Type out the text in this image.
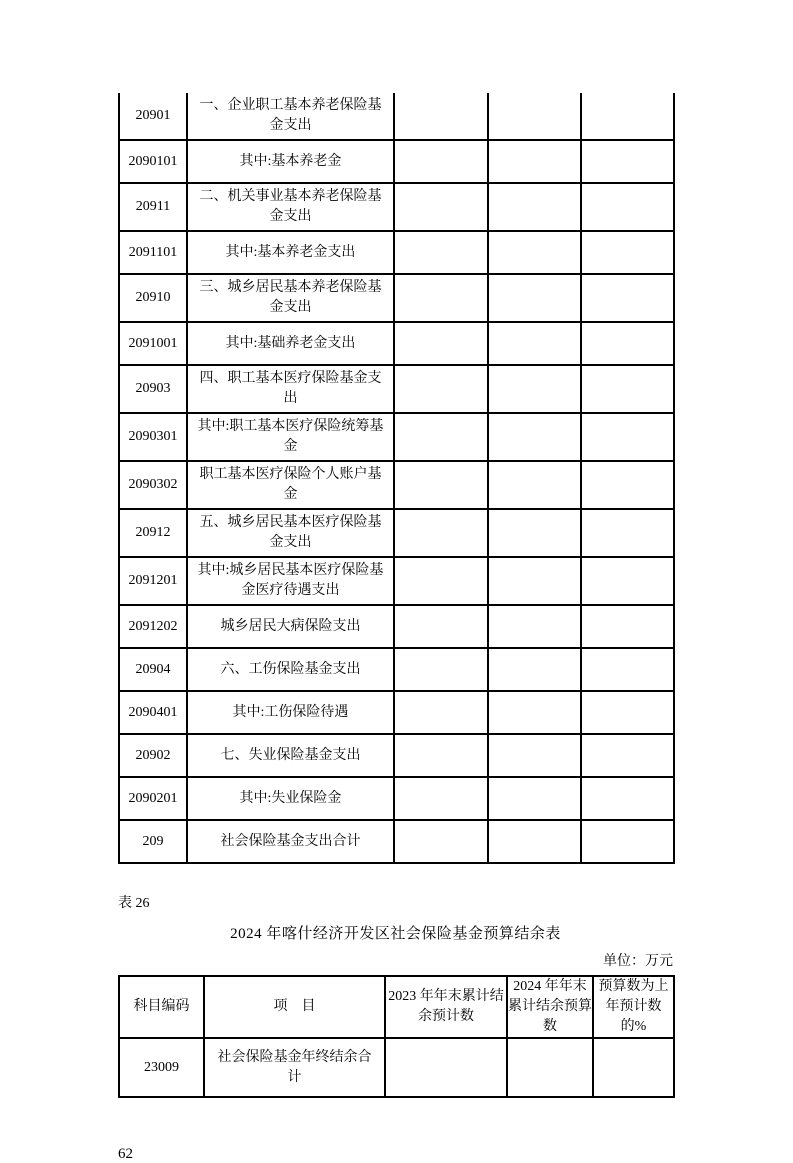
20901	一、企业职工基本养老保险基金支出			
2090101	其中:基本养老金			
20911	二、机关事业基本养老保险基金支出			
2091101	其中:基本养老金支出			
20910	三、城乡居民基本养老保险基金支出			
2091001	其中:基础养老金支出			
20903	四、职工基本医疗保险基金支出			
2090301	其中:职工基本医疗保险统筹基金			
2090302	职工基本医疗保险个人账户基金			
20912	五、城乡居民基本医疗保险基金支出			
2091201	其中:城乡居民基本医疗保险基金医疗待遇支出			
2091202	城乡居民大病保险支出			
20904	六、工伤保险基金支出			
2090401	其中:工伤保险待遇			
20902	七、失业保险基金支出			
2090201	其中:失业保险金			
209	社会保险基金支出合计			
表 26
2024 年喀什经济开发区社会保险基金预算结余表
单位：万元
科目编码	项　目	2023 年年末累计结余预计数	2024 年年末累计结余预算数	预算数为上年预计数的%
23009	社会保险基金年终结余合计			
62
